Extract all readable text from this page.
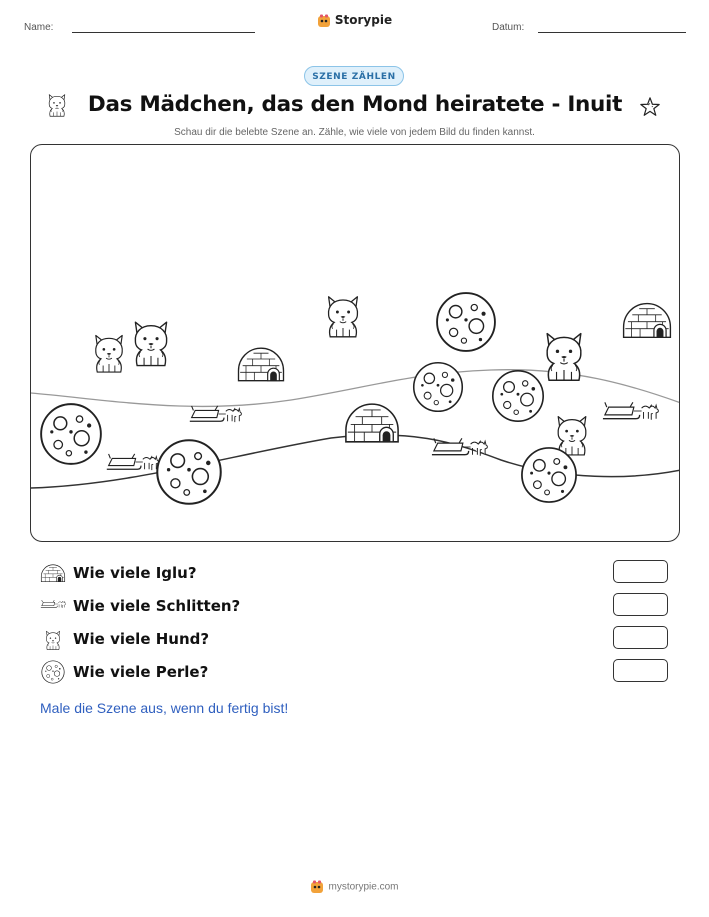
Name:
Storypie
Datum:
SZENE ZÄHLEN
Das Mädchen, das den Mond heiratete - Inuit
Schau dir die belebte Szene an. Zähle, wie viele von jedem Bild du finden kannst.
Wie viele Iglu?
Wie viele Schlitten?
Wie viele Hund?
Wie viele Perle?
Male die Szene aus, wenn du fertig bist!
mystorypie.com
